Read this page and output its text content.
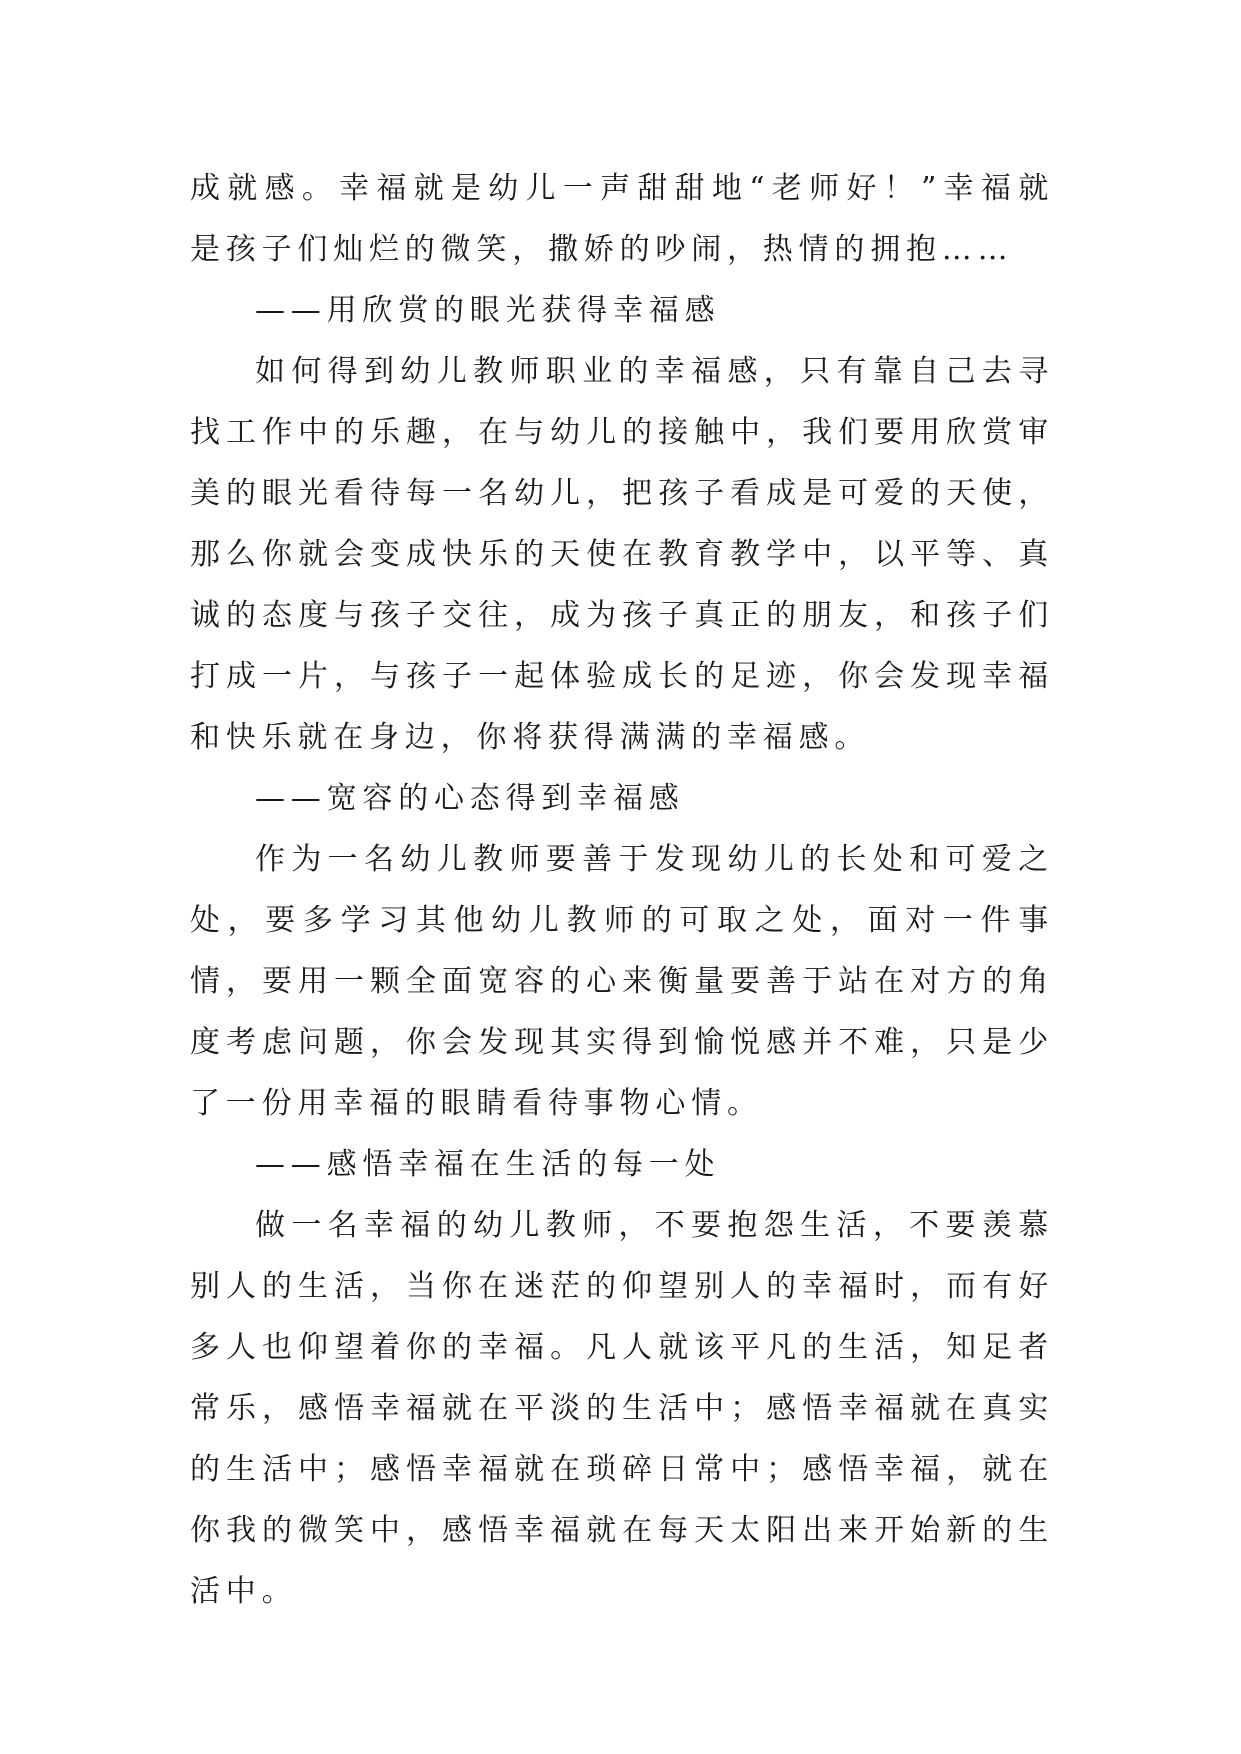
成就感。幸福就是幼儿一声甜甜地“老师好！”幸福就是孩子们灿烂的微笑，撒娇的吵闹，热情的拥抱……

——用欣赏的眼光获得幸福感

如何得到幼儿教师职业的幸福感，只有靠自己去寻找工作中的乐趣，在与幼儿的接触中，我们要用欣赏审美的眼光看待每一名幼儿，把孩子看成是可爱的天使，那么你就会变成快乐的天使在教育教学中，以平等、真诚的态度与孩子交往，成为孩子真正的朋友，和孩子们打成一片，与孩子一起体验成长的足迹，你会发现幸福和快乐就在身边，你将获得满满的幸福感。

——宽容的心态得到幸福感

作为一名幼儿教师要善于发现幼儿的长处和可爱之处，要多学习其他幼儿教师的可取之处，面对一件事情，要用一颗全面宽容的心来衡量要善于站在对方的角度考虑问题，你会发现其实得到愉悦感并不难，只是少了一份用幸福的眼睛看待事物心情。

——感悟幸福在生活的每一处

做一名幸福的幼儿教师，不要抱怨生活，不要羡慕别人的生活，当你在迷茫的仰望别人的幸福时，而有好多人也仰望着你的幸福。凡人就该平凡的生活，知足者常乐，感悟幸福就在平淡的生活中；感悟幸福就在真实的生活中；感悟幸福就在琐碎日常中；感悟幸福，就在你我的微笑中，感悟幸福就在每天太阳出来开始新的生活中。
